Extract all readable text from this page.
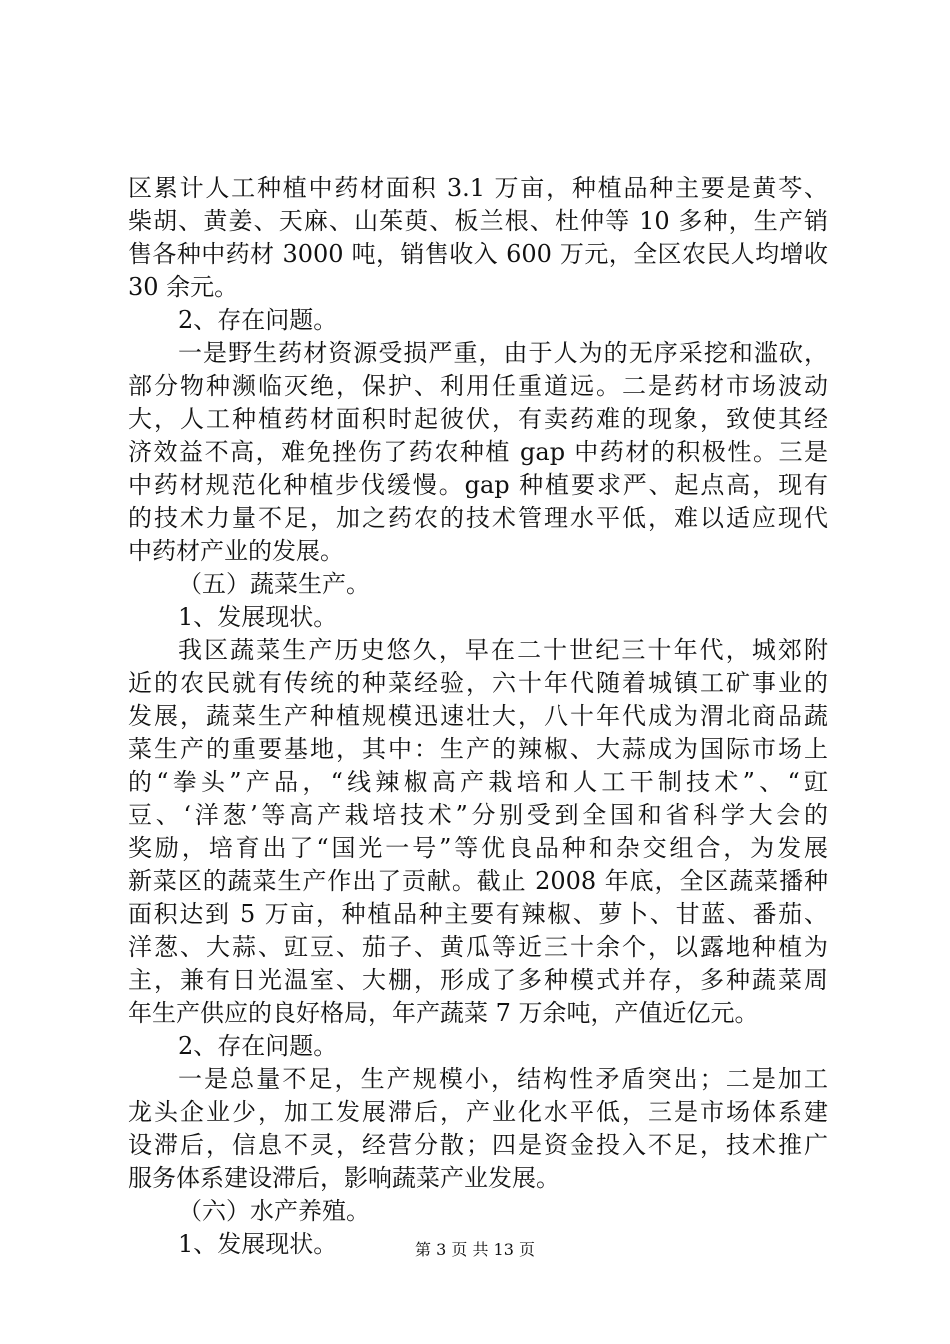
区累计人工种植中药材面积 3.1 万亩，种植品种主要是黄芩、
柴胡、黄姜、天麻、山茱萸、板兰根、杜仲等 10 多种，生产销
售各种中药材 3000 吨，销售收入 600 万元，全区农民人均增收
30 余元。
2、存在问题。
一是野生药材资源受损严重，由于人为的无序采挖和滥砍，
部分物种濒临灭绝，保护、利用任重道远。二是药材市场波动
大，人工种植药材面积时起彼伏，有卖药难的现象，致使其经
济效益不高，难免挫伤了药农种植 gap 中药材的积极性。三是
中药材规范化种植步伐缓慢。gap 种植要求严、起点高，现有
的技术力量不足，加之药农的技术管理水平低，难以适应现代
中药材产业的发展。
（五）蔬菜生产。
1、发展现状。
我区蔬菜生产历史悠久，早在二十世纪三十年代，城郊附
近的农民就有传统的种菜经验，六十年代随着城镇工矿事业的
发展，蔬菜生产种植规模迅速壮大，八十年代成为渭北商品蔬
菜生产的重要基地，其中：生产的辣椒、大蒜成为国际市场上
的“拳头”产品，“线辣椒高产栽培和人工干制技术”、“豇
豆、‘洋葱’等高产栽培技术”分别受到全国和省科学大会的
奖励，培育出了“国光一号”等优良品种和杂交组合，为发展
新菜区的蔬菜生产作出了贡献。截止 2008 年底，全区蔬菜播种
面积达到 5 万亩，种植品种主要有辣椒、萝卜、甘蓝、番茄、
洋葱、大蒜、豇豆、茄子、黄瓜等近三十余个，以露地种植为
主，兼有日光温室、大棚，形成了多种模式并存，多种蔬菜周
年生产供应的良好格局，年产蔬菜 7 万余吨，产值近亿元。
2、存在问题。
一是总量不足，生产规模小，结构性矛盾突出；二是加工
龙头企业少，加工发展滞后，产业化水平低，三是市场体系建
设滞后，信息不灵，经营分散；四是资金投入不足，技术推广
服务体系建设滞后，影响蔬菜产业发展。
（六）水产养殖。
1、发展现状。	第 3 页 共 13 页
